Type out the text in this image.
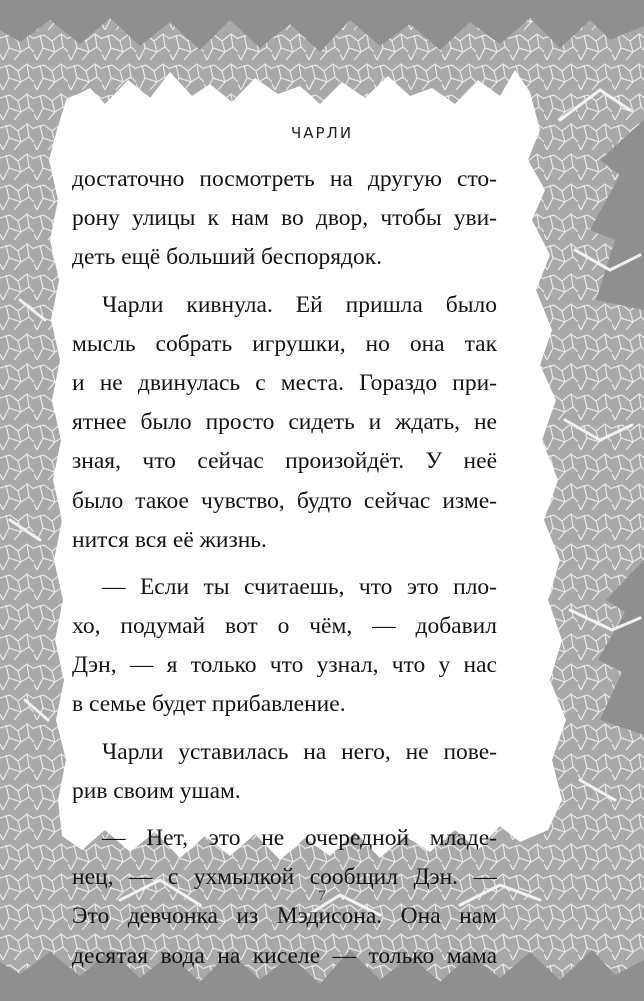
ЧАРЛИ
достаточно посмотреть на другую сто-
рону улицы к нам во двор, чтобы уви-
деть ещё больший беспорядок.
Чарли кивнула. Ей пришла было
мысль собрать игрушки, но она так
и не двинулась с места. Гораздо при-
ятнее было просто сидеть и ждать, не
зная, что сейчас произойдёт. У неё
было такое чувство, будто сейчас изме-
нится вся её жизнь.
— Если ты считаешь, что это пло-
хо, подумай вот о чём, — добавил
Дэн, — я только что узнал, что у нас
в семье будет прибавление.
Чарли уставилась на него, не пове-
рив своим ушам.
— Нет, это не очередной младе-
нец, — с ухмылкой сообщил Дэн. —
Это девчонка из Мэдисона. Она нам
десятая вода на киселе — только мама
7
